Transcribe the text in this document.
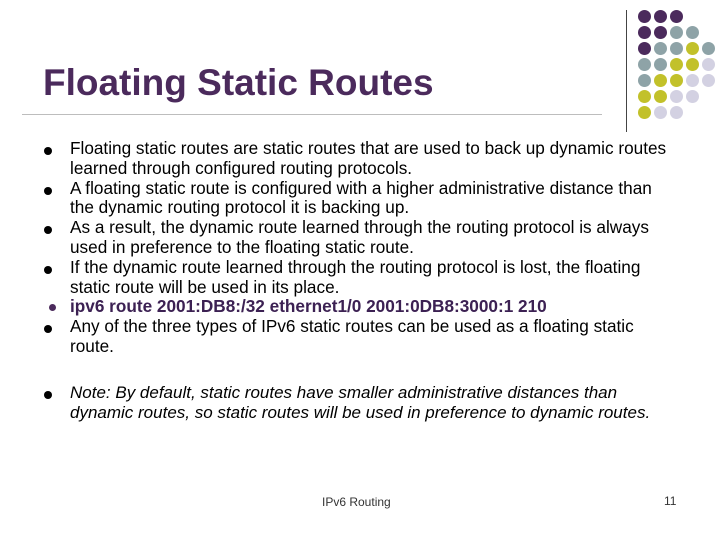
Floating Static Routes
Floating static routes are static routes that are used to back up dynamic routes learned through configured routing protocols.
A floating static route is configured with a higher administrative distance than the dynamic routing protocol it is backing up.
As a result, the dynamic route learned through the routing protocol is always used in preference to the floating static route.
If the dynamic route learned through the routing protocol is lost, the floating static route will be used in its place.
ipv6 route 2001:DB8:/32 ethernet1/0 2001:0DB8:3000:1 210
Any of the three types of IPv6 static routes can be used as a floating static route.
Note: By default, static routes have smaller administrative distances than dynamic routes, so static routes will be used in preference to dynamic routes.
IPv6 Routing	11
